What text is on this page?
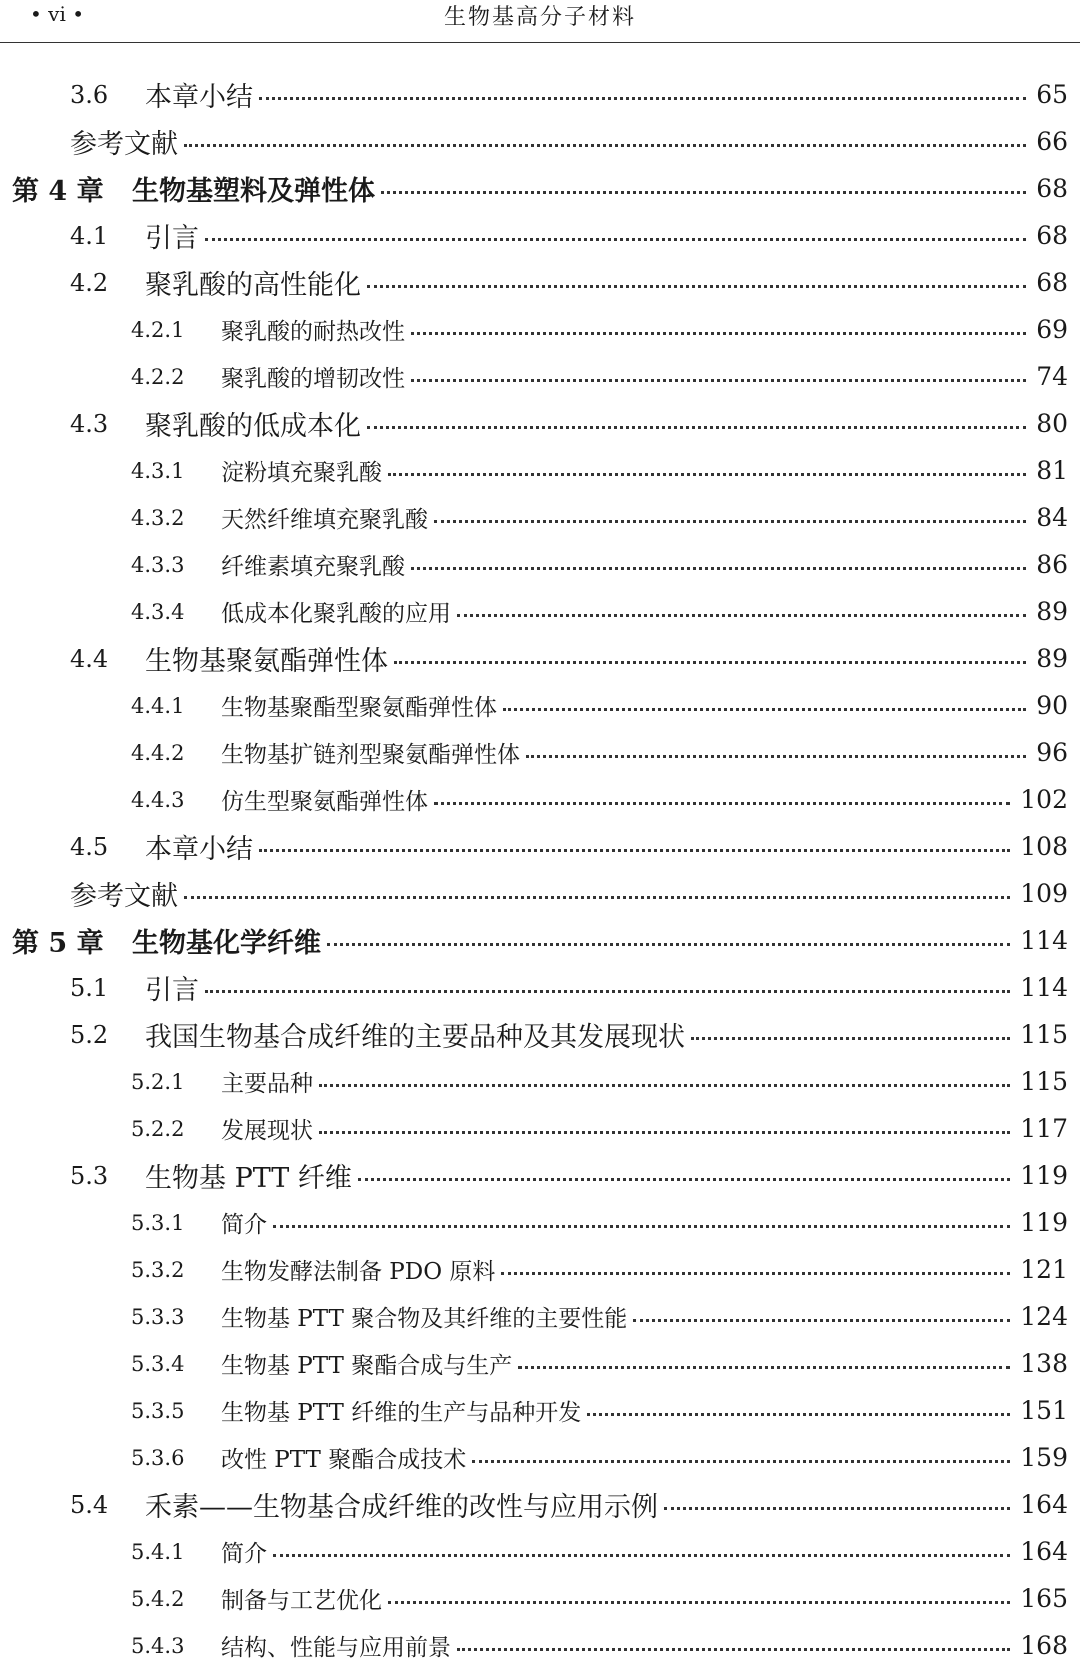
• vi •	生物基高分子材料
3.6	本章小结	65
参考文献	66
第 4 章	生物基塑料及弹性体	68
4.1	引言	68
4.2	聚乳酸的高性能化	68
4.2.1	聚乳酸的耐热改性	69
4.2.2	聚乳酸的增韧改性	74
4.3	聚乳酸的低成本化	80
4.3.1	淀粉填充聚乳酸	81
4.3.2	天然纤维填充聚乳酸	84
4.3.3	纤维素填充聚乳酸	86
4.3.4	低成本化聚乳酸的应用	89
4.4	生物基聚氨酯弹性体	89
4.4.1	生物基聚酯型聚氨酯弹性体	90
4.4.2	生物基扩链剂型聚氨酯弹性体	96
4.4.3	仿生型聚氨酯弹性体	102
4.5	本章小结	108
参考文献	109
第 5 章	生物基化学纤维	114
5.1	引言	114
5.2	我国生物基合成纤维的主要品种及其发展现状	115
5.2.1	主要品种	115
5.2.2	发展现状	117
5.3	生物基 PTT 纤维	119
5.3.1	简介	119
5.3.2	生物发酵法制备 PDO 原料	121
5.3.3	生物基 PTT 聚合物及其纤维的主要性能	124
5.3.4	生物基 PTT 聚酯合成与生产	138
5.3.5	生物基 PTT 纤维的生产与品种开发	151
5.3.6	改性 PTT 聚酯合成技术	159
5.4	禾素——生物基合成纤维的改性与应用示例	164
5.4.1	简介	164
5.4.2	制备与工艺优化	165
5.4.3	结构、性能与应用前景	168
